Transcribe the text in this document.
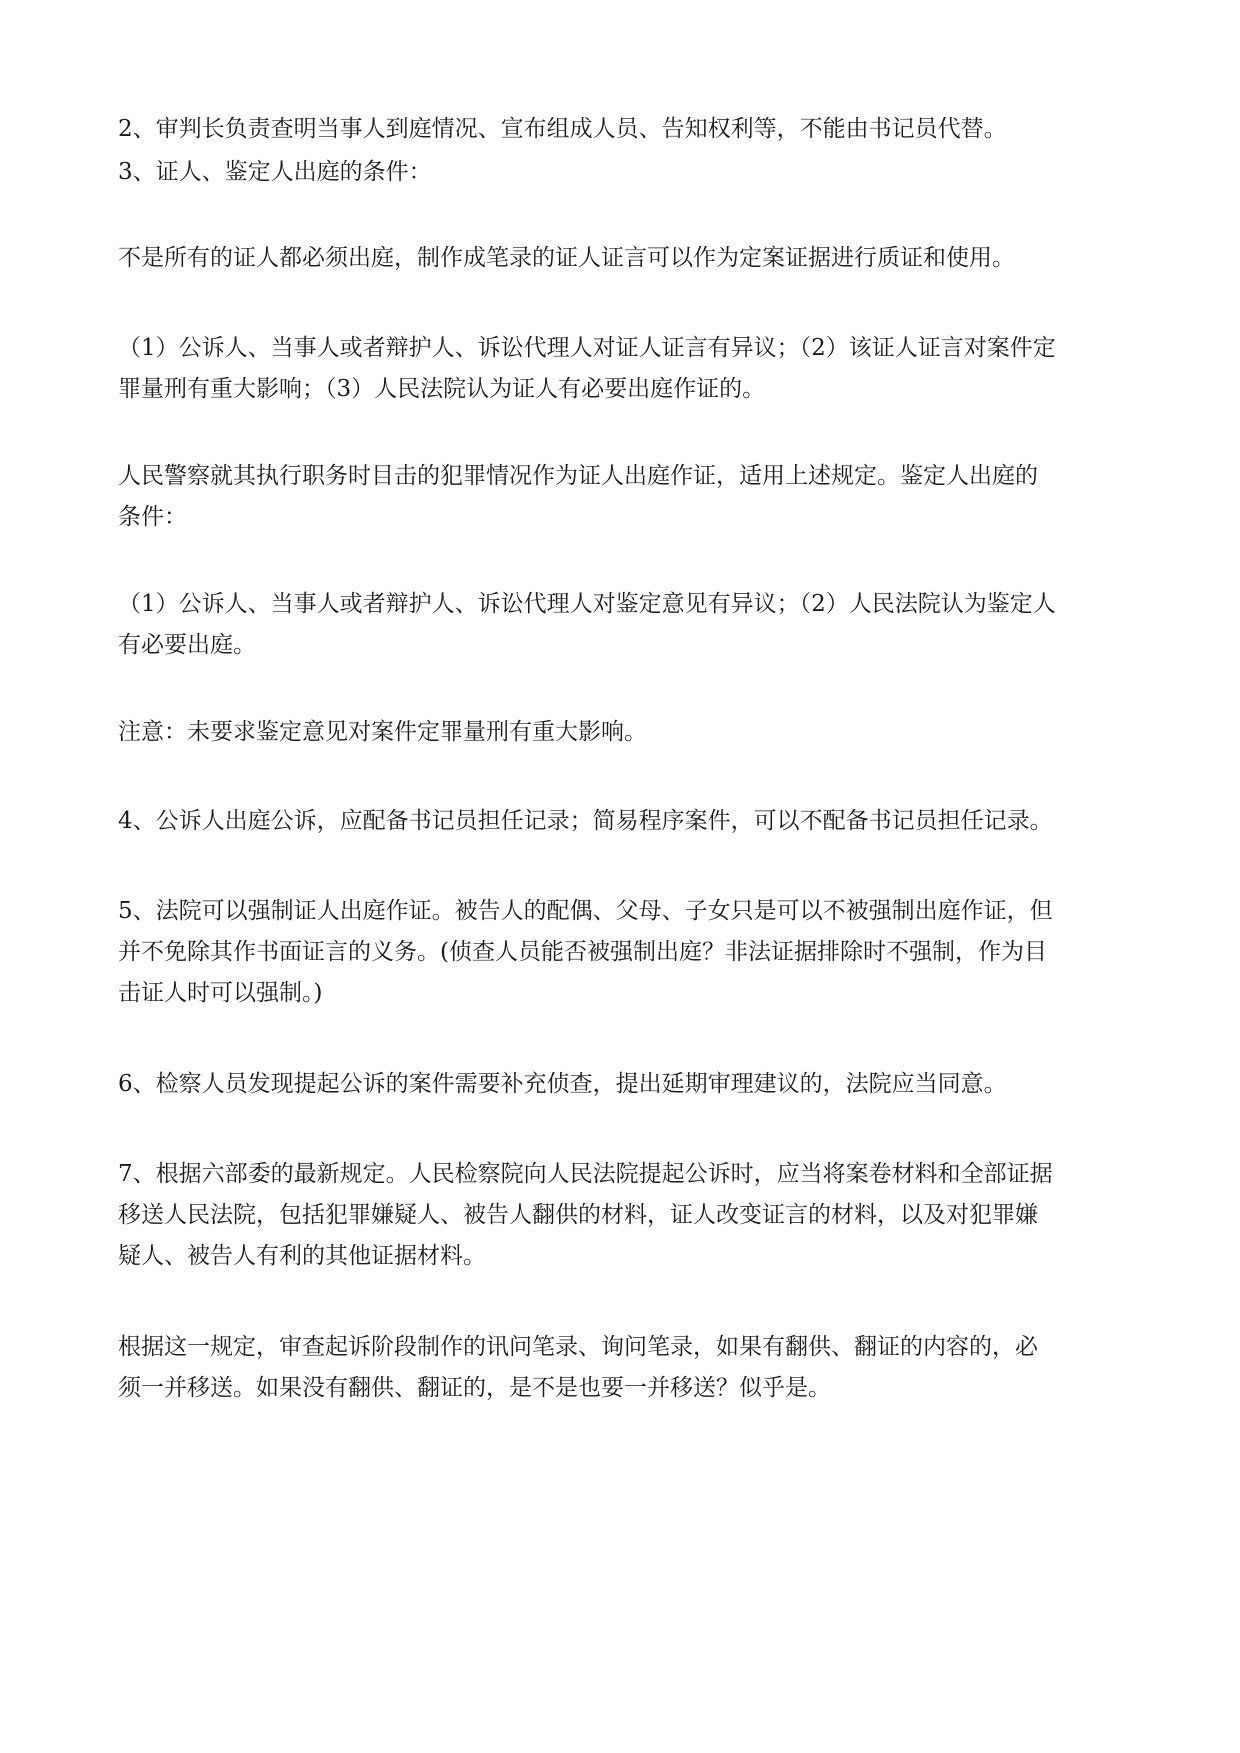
2、审判长负责查明当事人到庭情况、宣布组成人员、告知权利等，不能由书记员代替。

3、证人、鉴定人出庭的条件：

不是所有的证人都必须出庭，制作成笔录的证人证言可以作为定案证据进行质证和使用。

（1）公诉人、当事人或者辩护人、诉讼代理人对证人证言有异议；（2）该证人证言对案件定
罪量刑有重大影响；（3）人民法院认为证人有必要出庭作证的。

人民警察就其执行职务时目击的犯罪情况作为证人出庭作证，适用上述规定。鉴定人出庭的
条件：

（1）公诉人、当事人或者辩护人、诉讼代理人对鉴定意见有异议；（2）人民法院认为鉴定人
有必要出庭。

注意：未要求鉴定意见对案件定罪量刑有重大影响。

4、公诉人出庭公诉，应配备书记员担任记录；简易程序案件，可以不配备书记员担任记录。

5、法院可以强制证人出庭作证。被告人的配偶、父母、子女只是可以不被强制出庭作证，但
并不免除其作书面证言的义务。(侦查人员能否被强制出庭？非法证据排除时不强制，作为目
击证人时可以强制。)

6、检察人员发现提起公诉的案件需要补充侦查，提出延期审理建议的，法院应当同意。

7、根据六部委的最新规定。人民检察院向人民法院提起公诉时，应当将案卷材料和全部证据
移送人民法院，包括犯罪嫌疑人、被告人翻供的材料，证人改变证言的材料，以及对犯罪嫌
疑人、被告人有利的其他证据材料。

根据这一规定，审查起诉阶段制作的讯问笔录、询问笔录，如果有翻供、翻证的内容的，必
须一并移送。如果没有翻供、翻证的，是不是也要一并移送？似乎是。
